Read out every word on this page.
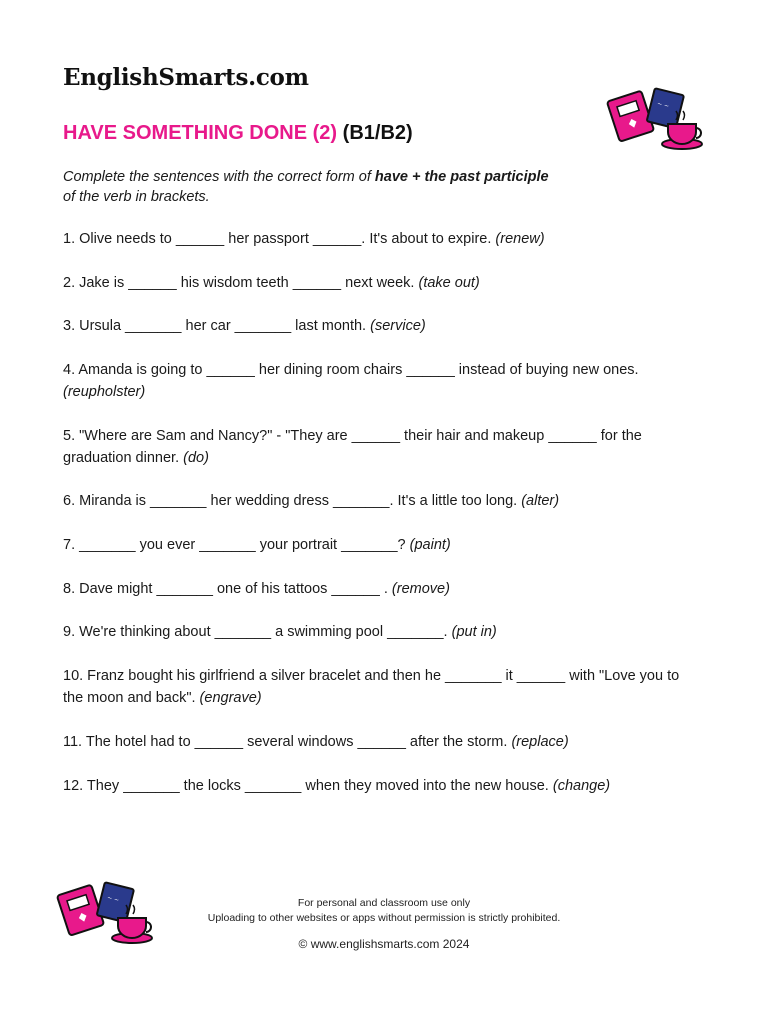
EnglishSmarts.com
~ ~
HAVE SOMETHING DONE (2) (B1/B2)
Complete the sentences with the correct form of have + the past participle
of the verb in brackets.
1. Olive needs to ______ her passport ______. It's about to expire. (renew)
2. Jake is ______ his wisdom teeth ______ next week. (take out)
3. Ursula _______ her car _______ last month. (service)
4. Amanda is going to ______ her dining room chairs ______ instead of buying new ones. (reupholster)
5. "Where are Sam and Nancy?" - "They are ______ their hair and makeup ______ for the graduation dinner. (do)
6. Miranda is _______ her wedding dress _______. It's a little too long. (alter)
7. _______ you ever _______ your portrait _______? (paint)
8. Dave might _______ one of his tattoos ______ . (remove)
9. We're thinking about _______ a swimming pool _______. (put in)
10. Franz bought his girlfriend a silver bracelet and then he _______ it ______ with "Love you to the moon and back". (engrave)
11. The hotel had to ______ several windows ______ after the storm. (replace)
12. They _______ the locks _______ when they moved into the new house. (change)
~ ~	For personal and classroom use only
Uploading to other websites or apps without permission is strictly prohibited.
© www.englishsmarts.com 2024
